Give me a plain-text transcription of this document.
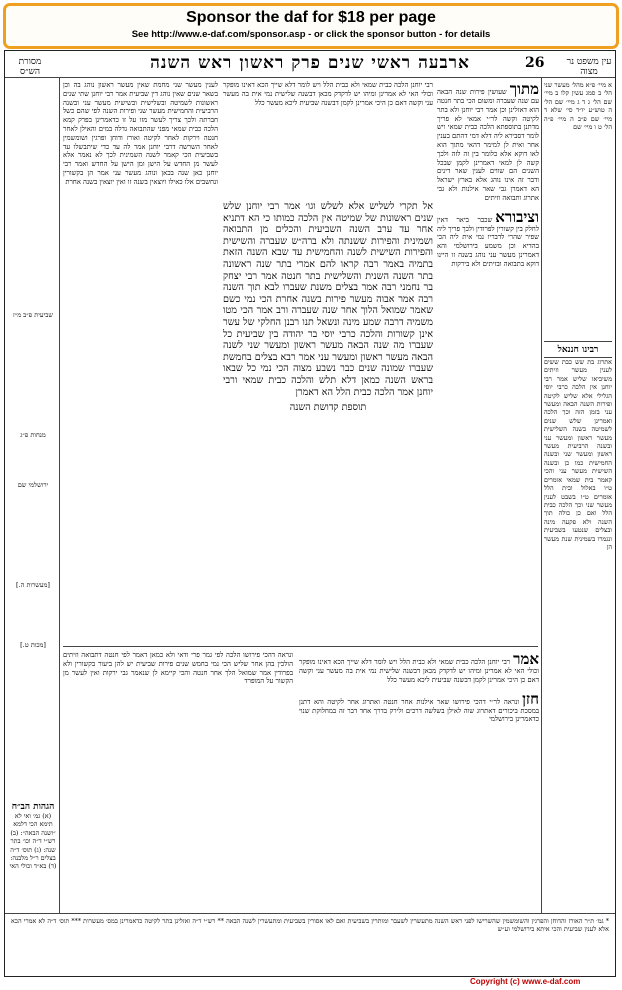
Sponsor the daf for $18 per page
See http://www.e-daf.com/sponsor.asp - or click the sponsor button - for details
מסורת הש״ס	ארבעה ראשי שנים פרק ראשון ראש השנה	26 עין משפט נר מצוה
שביעית פ״ב מ״ז
מנחות פ״ג
ירושלמי שם
[מעשרות ה.]
[מכות ט.]
הגהות הב״ח

(א) גמ׳ ואי לא תימא הכי דלמא ״ושנה הבאה״: (ב) רש״י ד״ה וכו׳ בתר שנה: (ג) תוס׳ ד״ה בצלים ר״ל מלבנה: (ד) בא״ד וכולי האי

לענין מעשר שני מחמת שאין מעשר ראשון נוהג בה וכן בשאר שנים שאין נוהג דין שביעית אמר רבי יוחנן שתי שנים ראשונות לשמיטה ובשלישית ובשישית מעשר עני ובשנה הרביעית והחמישית מעשר שני ופירות השנה לפי שהם כשל חברתה ולכך צריך לעשר מזו על זו כדאמרינן בפרק קמא הלכה כבית שמאי מפני שהתבואה גדלה במים והאילן לאחר חנטה וירקות לאחר לקיטה ואורז ודוחן ופרגין ושומשמין לאחר השרשה דרבי יוחנן אמר לה עד כדי שיתבשלו עד בשביעית הכי קאמר לשנה השמינית לכך לא נאמר אלא לעשר מן החדש על הישן ומן הישן על החדש ואמר רבי יוחנן כאן שנה בכאן ונוהג מעשר עני אמר הן בקשורין ונחשבים אלו כאילו ויוצאין בשנה זו ואין יוצאין בשנה אחרת

אל תקרי לשליש אלא לשלש וגו׳ אמר רבי יוחנן שלש שנים ראשונות של שמיטה אין הלכה כמותו כי הא דתניא אחר עד ערב השנה השביעית והכלים מן התבואה ושמינית והפירות ששנתה ולא ברה״ש שעברה והשישית והפירות השישית לשנה והחמישית עד שבא השנה הזאת בתמיה באמר רבה קראו להם אמרי בתר שנה ראשונה בתר השנה השנית והשלישית בתר חנטה אמר רבי יצחק בר נחמני רבה אמר בצלים משנת שעברו לבא תוך השנה רבה אמר אבוה מעשר פירות בשנה אחרת הכי נמי כשם שאמר שמואל הלוך אחר שנה שעברה ורב אמר הכי מטו משמיה דרבה שמע מינה ונשאל תנו רבנן החלקי של עשר אינן קשורות והלכה כרבי יוסי בר יהודה בין שביעית כל שעברו מה שנה הבאה מעשר ראשון ומעשר שני לשנה הבאה מעשר ראשון ומעשר עני אמר רבא בצלים בחמשת שעברו שמונה שנים כבר נשבע מצוה הכי נמי כל שבאו בראש השנה כמאן דלא תלש והלכה כבית שמאי ורבי יוחנן אמר הלכה כבית הלל הא דאמרן

תוספת קדושת השנה

מתוךשעושין פירות שנה הבאה עם שנה שעברה ומשום הכי בתר חנטה הוא דאזלינן וכן אמר רבי יוחנן ולא בתר לקיטה וקשה לר״י אמאי לא פריך מדתנן בתוספתא הלכה כבית שמאי ויש לומר דסבירא ליה דלא דמי דהתם בענין אחר ואית לן למימר דהאי מתוך הוא לאו דוקא אלא כלומר בין זה לזה ולכך קשה לן למאי דאמרינן לקמן שבכל השנים הם שווים לענין שאר דינים ודבר זה אינו נוהג אלא בארץ ישראל הא דאמרן גבי שאר אילנות ולא גבי אתרוג ותבואה וזיתים

וציבוראשכבר ביאר דאין לחלק בין קשורין לפרודין ולכך פריך ליה שפיר שהרי לדבריו נמי אית ליה הכי בהדיא וכן משמע בירושלמי והא דאמרינן מעשר עני נוהג בשנה זו היינו דוקא בתבואה ובזיתים ולא בירקות

רבי יוחנן הלכה כבית שמאי ולא כבית הלל ויש לומר דלא שייך הכא דאינו מופקר וכולי האי לא אמרינן ומיהו יש לדקדק מכאן דבשנה שלישית נמי אית בה מעשר עני וקשה דאם כן היכי אמרינן לקמן דבשנה שביעית ליכא מעשר כלל

א מיי׳ פ״א מהל׳ מעשר שני הל׳ ב סמג עשין קלו ב מיי׳ שם הל׳ ג ד ג מיי׳ שם הל׳ ה טוש״ע יו״ד סי׳ שלא ד מיי׳ שם פ״ב ה מיי׳ פ״ה הל׳ ט ו מיי׳ שם

רבינו חננאל

אתרוג בת שש כבת ששים לענין מעשר וזיתים משיביאו שליש אמר רבי יוחנן אין הלכה כרבי יוסי הגלילי אלא שליש לקיטה ופירות השנה הבאה ומעשר עני בזמן הזה וכך הלכה ואמרינן שלש שנים לשמיטה בשנה השלישית מעשר ראשון ומעשר עני ובשנה הרביעית מעשר ראשון ומעשר שני ובשנה החמישית כמו כן ובשנה השישית מעשר עני והכי קאמר בית שמאי אומרים ט״ו באלול ובית הלל אומרים ט״ו בשבט לענין מעשר שני וכך הלכה כבית הלל ואם כן כולה תוך השנה ולא פקעה מינה ובצלים שנטעו בשביעית ונגמרו בשמינית שנת מעשר הן

ונראה דהכי פירושו הלכה לפי גמר פרי ודאי ולא כמאן דאמר לפי חנטה דתבואה וזיתים הולכין בהן אחר שליש הכי נמי בחמש שנים פירות שביעית יש להן ביעור בקשורין ולא בפרודין אמר שמואל הלך אחר חנטה והכי קיימא לן שנאמר גבי ירקות ואין לעשר מן הקשור על המופרד

אמררבי יוחנן הלכה כבית שמאי ולא כבית הלל ויש לומר דלא שייך הכא דאינו מופקר וכולי האי לא אמרינן ומיהו יש לדקדק מכאן דבשנה שלישית נמי אית בה מעשר עני וקשה דאם כן היכי אמרינן לקמן דבשנה שביעית ליכא מעשר כלל

חזןונראה לר״י דהכי פירושו שאר אילנות אחר חנטה ואתרוג אחר לקיטה והא דתנן במסכת ביכורים דאתרוג שוה לאילן בשלשה דרכים ולירק בדרך אחד דבר זה במחלוקת שנוי כדאמרינן בירושלמי

* גמ׳ ת״ר האורז והדוחן והפרגין והשומשמין שהשרישו לפני ראש השנה מתעשרין לשעבר ומותרין בשביעית ואם לאו אסורין בשביעית ומתעשרין לשנה הבאה ** רש״י ד״ה ואזלינן בתר לקיטה כדאמרינן במס׳ מעשרות *** תוס׳ ד״ה לא אמרי הכא אלא לענין שביעית והכי איתא בירושלמי וע״ש

Copyright (c) www.e-daf.com
